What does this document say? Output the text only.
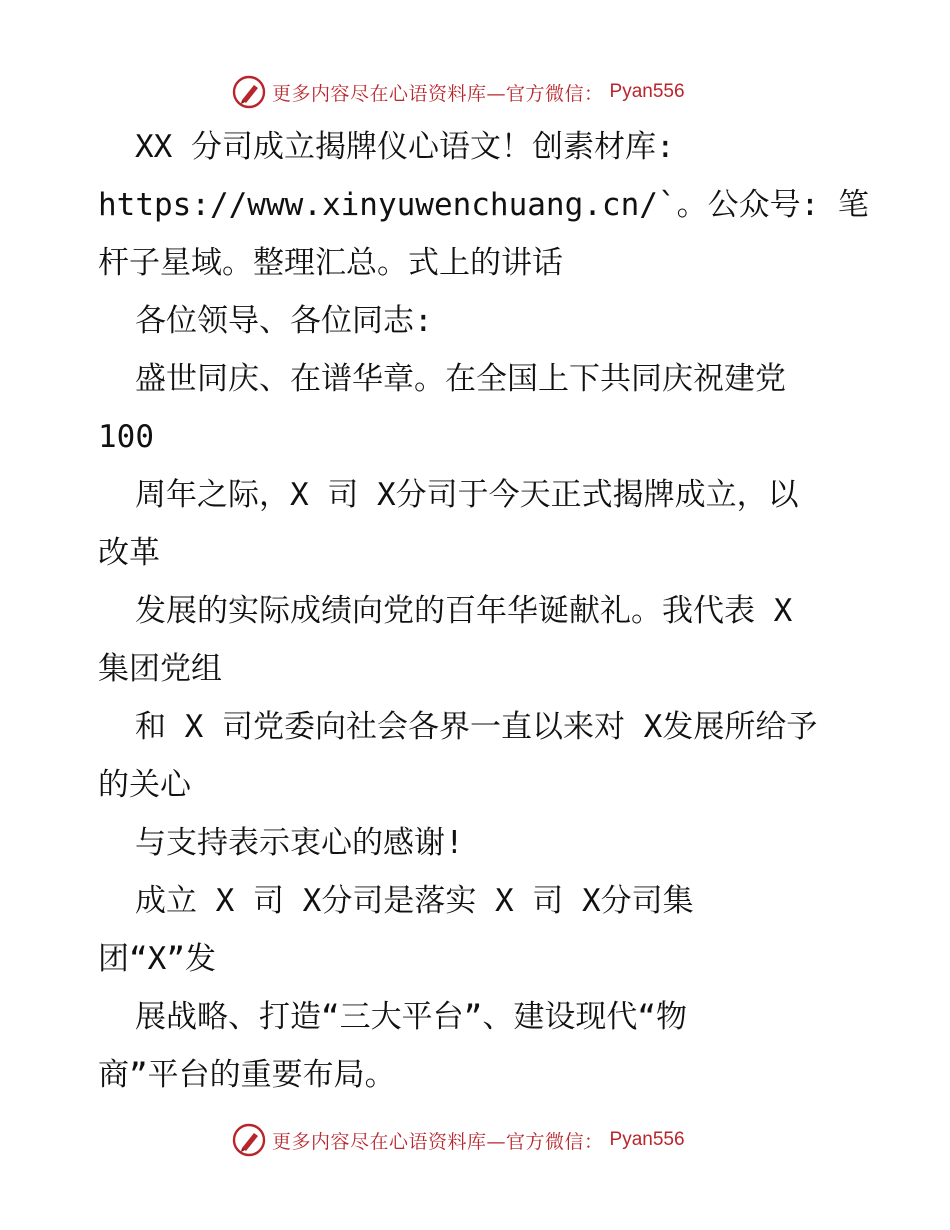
更多内容尽在心语资料库—官方微信： Pyan556
XX 分司成立揭牌仪心语文！创素材库:
https://www.xinyuwenchuang.cn/`。公众号: 笔
杆子星域。整理汇总。式上的讲话
各位领导、各位同志:
盛世同庆、在谱华章。在全国上下共同庆祝建党
100
周年之际，X 司 X分司于今天正式揭牌成立，以
改革
发展的实际成绩向党的百年华诞献礼。我代表 X
集团党组
和 X 司党委向社会各界一直以来对 X发展所给予
的关心
与支持表示衷心的感谢!
成立 X 司 X分司是落实 X 司 X分司集
团“X”发
展战略、打造“三大平台”、建设现代“物
商”平台的重要布局。
更多内容尽在心语资料库—官方微信： Pyan556
